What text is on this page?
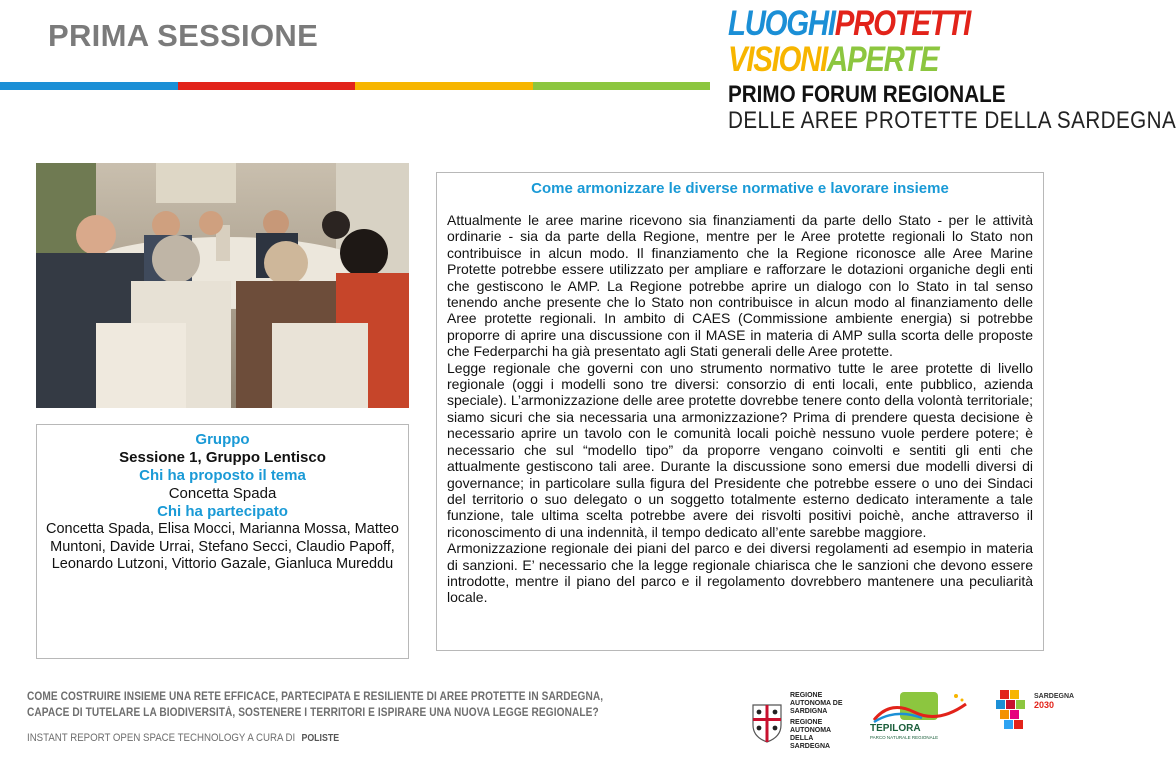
PRIMA SESSIONE	LUOGHIPROTETTI
VISIONIAPERTE
PRIMO FORUM REGIONALE
DELLE AREE PROTETTE DELLA SARDEGNA
Gruppo
Sessione 1, Gruppo Lentisco
Chi ha proposto il tema
Concetta Spada
Chi ha partecipato
Concetta Spada, Elisa Mocci, Marianna Mossa, Matteo Muntoni, Davide Urrai, Stefano Secci, Claudio Papoff, Leonardo Lutzoni, Vittorio Gazale, Gianluca Mureddu
Come armonizzare le diverse normative e lavorare insieme

Attualmente le aree marine ricevono sia finanziamenti da parte dello Stato - per le attività ordinarie - sia da parte della Regione, mentre per le Aree protette regionali lo Stato non contribuisce in alcun modo. Il finanziamento che la Regione riconosce alle Aree Marine Protette potrebbe essere utilizzato per ampliare e rafforzare le dotazioni organiche degli enti che gestiscono le AMP. La Regione potrebbe aprire un dialogo con lo Stato in tal senso tenendo anche presente che lo Stato non contribuisce in alcun modo al finanziamento delle Aree protette regionali. In ambito di CAES (Commissione ambiente energia) si potrebbe proporre di aprire una discussione con il MASE in materia di AMP sulla scorta delle proposte che Federparchi ha già presentato agli Stati generali delle Aree protette.

Legge regionale che governi con uno strumento normativo tutte le aree protette di livello regionale (oggi i modelli sono tre diversi: consorzio di enti locali, ente pubblico, azienda speciale). L’armonizzazione delle aree protette dovrebbe tenere conto della volontà territoriale; siamo sicuri che sia necessaria una armonizzazione? Prima di prendere questa decisione è necessario aprire un tavolo con le comunità locali poichè nessuno vuole perdere potere; è necessario che sul “modello tipo” da proporre vengano coinvolti e sentiti gli enti che attualmente gestiscono tali aree. Durante la discussione sono emersi due modelli diversi di governance; in particolare sulla figura del Presidente che potrebbe essere o uno dei Sindaci del territorio o suo delegato o un soggetto totalmente esterno dedicato interamente a tale funzione, tale ultima scelta potrebbe avere dei risvolti positivi poichè, anche attraverso il riconoscimento di una indennità, il tempo dedicato all’ente sarebbe maggiore.

Armonizzazione regionale dei piani del parco e dei diversi regolamenti ad esempio in materia di sanzioni. E’ necessario che la legge regionale chiarisca che le sanzioni che devono essere introdotte, mentre il piano del parco e il regolamento dovrebbero mantenere una peculiarità locale.

COME COSTRUIRE INSIEME UNA RETE EFFICACE, PARTECIPATA E RESILIENTE DI AREE PROTETTE IN SARDEGNA,
CAPACE DI TUTELARE LA BIODIVERSITÀ, SOSTENERE I TERRITORI E ISPIRARE UNA NUOVA LEGGE REGIONALE?
INSTANT REPORT OPEN SPACE TECHNOLOGY A CURA DI POLISTE
REGIONE AUTONOMA DE SARDIGNA
REGIONE AUTONOMA DELLA SARDEGNA
TEPILORA
PARCO NATURALE REGIONALE
SARDEGNA
2030
